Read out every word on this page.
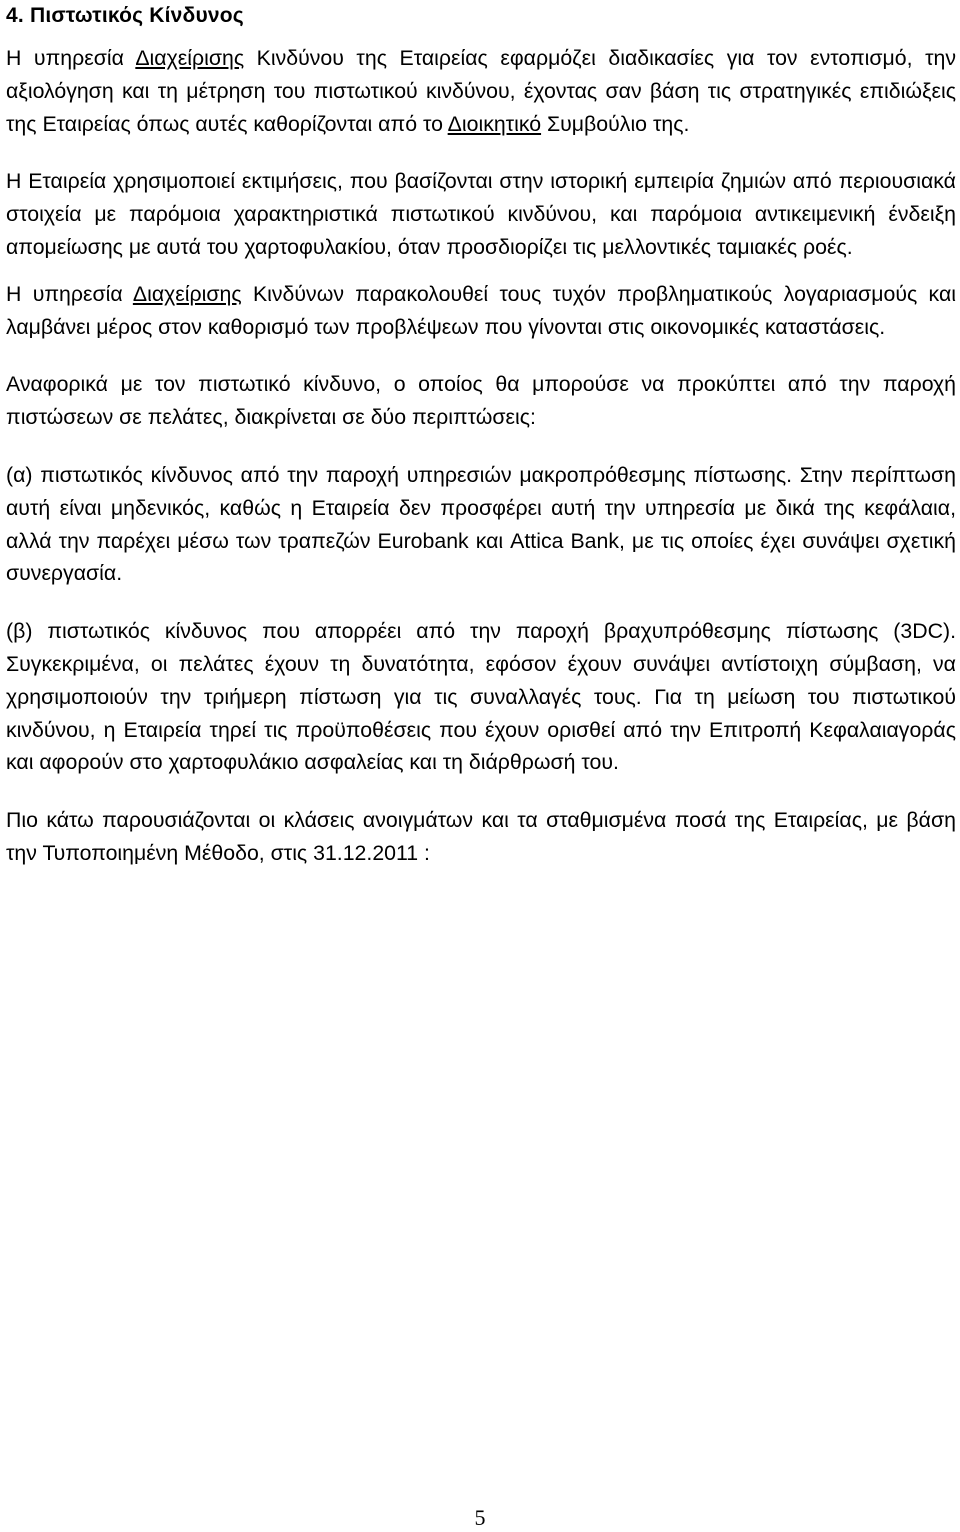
4. Πιστωτικός Κίνδυνος

Η υπηρεσία Διαχείρισης Κινδύνου της Εταιρείας εφαρμόζει διαδικασίες για τον εντοπισμό, την αξιολόγηση και τη μέτρηση του πιστωτικού κινδύνου, έχοντας σαν βάση τις στρατηγικές επιδιώξεις της Εταιρείας όπως αυτές καθορίζονται από το Διοικητικό Συμβούλιο της.

Η Εταιρεία χρησιμοποιεί εκτιμήσεις, που βασίζονται στην ιστορική εμπειρία ζημιών από περιουσιακά στοιχεία με παρόμοια χαρακτηριστικά πιστωτικού κινδύνου, και παρόμοια αντικειμενική ένδειξη απομείωσης με αυτά του χαρτοφυλακίου, όταν προσδιορίζει τις μελλοντικές ταμιακές ροές.

Η υπηρεσία Διαχείρισης Κινδύνων παρακολουθεί τους τυχόν προβληματικούς λογαριασμούς και λαμβάνει μέρος στον καθορισμό των προβλέψεων που γίνονται στις οικονομικές καταστάσεις.

Αναφορικά με τον πιστωτικό κίνδυνο, ο οποίος θα μπορούσε να προκύπτει από την παροχή πιστώσεων σε πελάτες, διακρίνεται σε δύο περιπτώσεις:

(α) πιστωτικός κίνδυνος από την παροχή υπηρεσιών μακροπρόθεσμης πίστωσης. Στην περίπτωση αυτή είναι μηδενικός, καθώς η Εταιρεία δεν προσφέρει αυτή την υπηρεσία με δικά της κεφάλαια, αλλά την παρέχει μέσω των τραπεζών Eurobank και Attica Bank, με τις οποίες έχει συνάψει σχετική συνεργασία.

(β) πιστωτικός κίνδυνος που απορρέει από την παροχή βραχυπρόθεσμης πίστωσης (3DC). Συγκεκριμένα, οι πελάτες έχουν τη δυνατότητα, εφόσον έχουν συνάψει αντίστοιχη σύμβαση, να χρησιμοποιούν την τριήμερη πίστωση για τις συναλλαγές τους. Για τη μείωση του πιστωτικού κινδύνου, η Εταιρεία τηρεί τις προϋποθέσεις που έχουν ορισθεί από την Επιτροπή Κεφαλαιαγοράς και αφορούν στο χαρτοφυλάκιο ασφαλείας και τη διάρθρωσή του.

Πιο κάτω παρουσιάζονται οι κλάσεις ανοιγμάτων και τα σταθμισμένα ποσά της Εταιρείας, με βάση την Τυποποιημένη Μέθοδο, στις 31.12.2011 :

5
